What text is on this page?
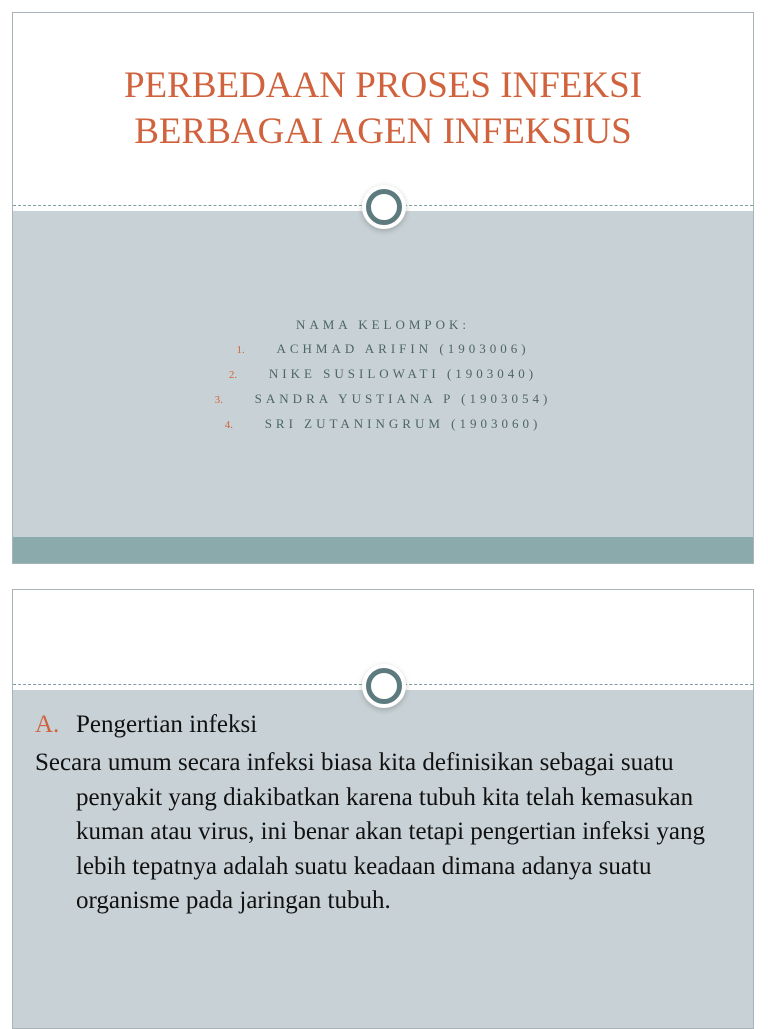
PERBEDAAN PROSES INFEKSI BERBAGAI AGEN INFEKSIUS
NAMA KELOMPOK:
1. ACHMAD ARIFIN (1903006)
2. NIKE SUSILOWATI (1903040)
3. SANDRA YUSTIANA P (1903054)
4. SRI ZUTANINGRUM (1903060)

A. Pengertian infeksi

Secara umum secara infeksi biasa kita definisikan sebagai suatu penyakit yang diakibatkan karena tubuh kita telah kemasukan kuman atau virus, ini benar akan tetapi pengertian infeksi yang lebih tepatnya adalah suatu keadaan dimana adanya suatu organisme pada jaringan tubuh.
